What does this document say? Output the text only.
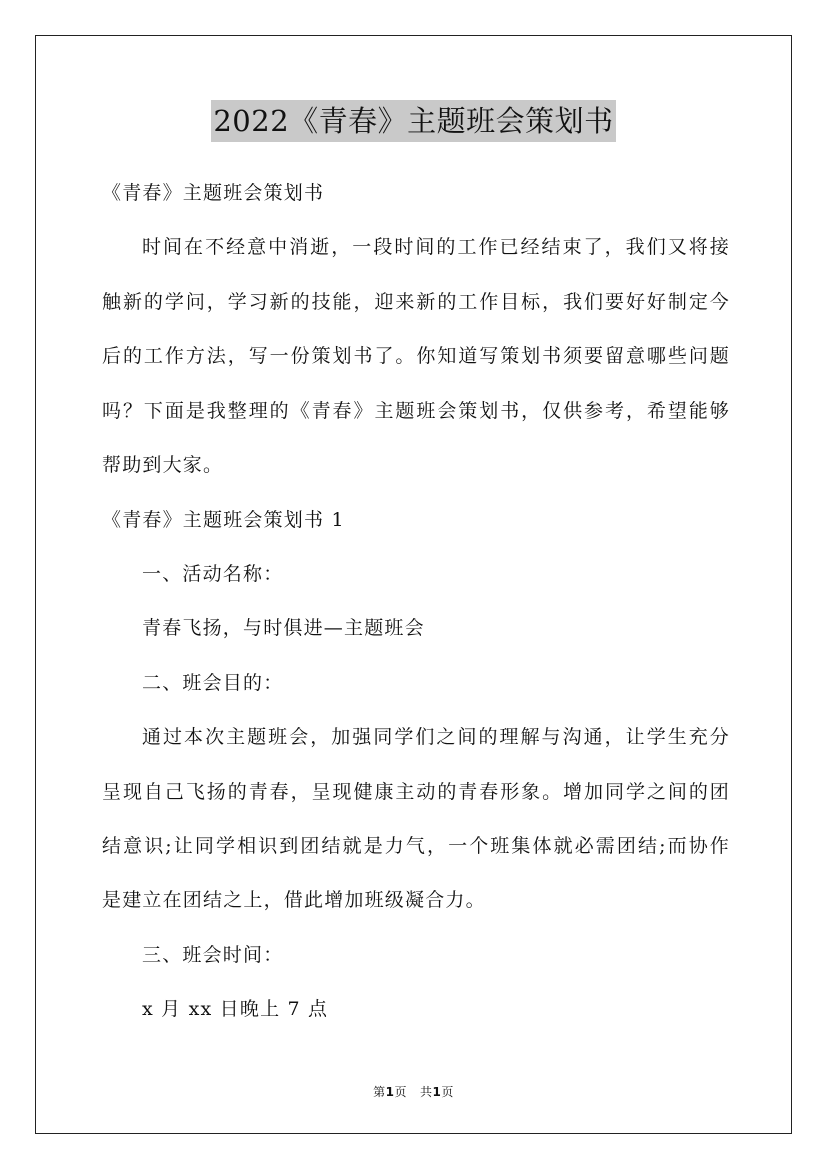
2022《青春》主题班会策划书
《青春》主题班会策划书
时间在不经意中消逝，一段时间的工作已经结束了，我们又将接
触新的学问，学习新的技能，迎来新的工作目标，我们要好好制定今
后的工作方法，写一份策划书了。你知道写策划书须要留意哪些问题
吗？下面是我整理的《青春》主题班会策划书，仅供参考，希望能够
帮助到大家。
《青春》主题班会策划书 1
一、活动名称：
青春飞扬，与时俱进—主题班会
二、班会目的：
通过本次主题班会，加强同学们之间的理解与沟通，让学生充分
呈现自己飞扬的青春，呈现健康主动的青春形象。增加同学之间的团
结意识;让同学相识到团结就是力气，一个班集体就必需团结;而协作
是建立在团结之上，借此增加班级凝合力。
三、班会时间：
x 月 xx 日晚上 7 点
第1页 共1页
